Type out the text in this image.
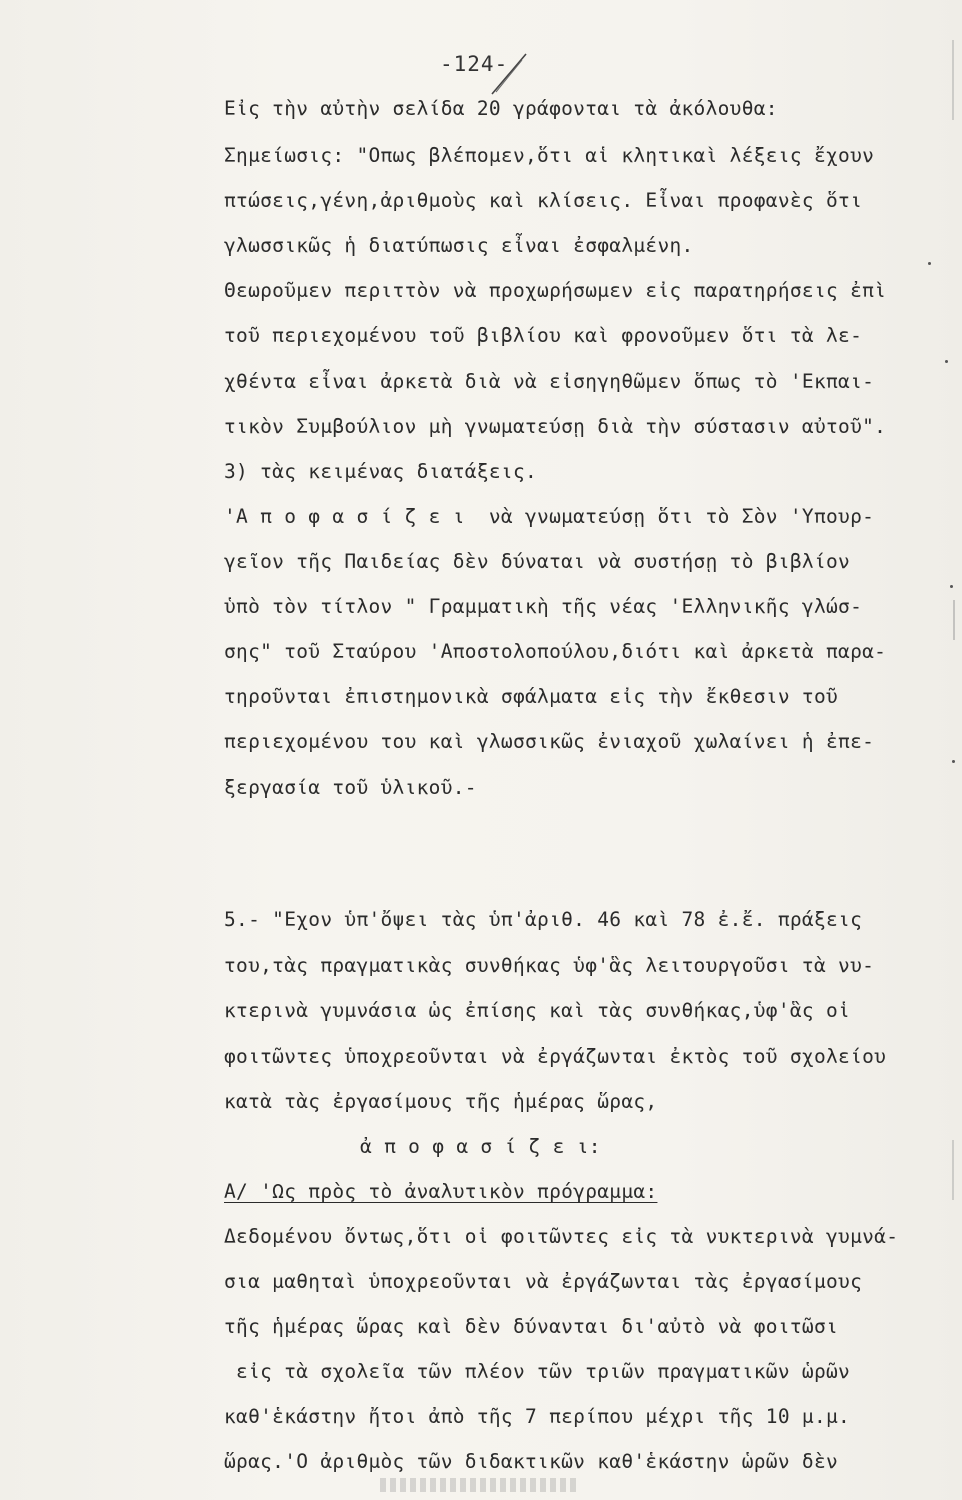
-124-
Εἰς τὴν αὐτὴν σελίδα 20 γράφονται τὰ ἀκόλουθα:
Σημείωσις: "Οπως βλέπομεν,ὅτι αἱ κλητικαὶ λέξεις ἔχουν
πτώσεις,γένη,ἀριθμοὺς καὶ κλίσεις. Εἶναι προφανὲς ὅτι
γλωσσικῶς ἡ διατύπωσις εἶναι ἐσφαλμένη.
Θεωροῦμεν περιττὸν νὰ προχωρήσωμεν εἰς παρατηρήσεις ἐπὶ
τοῦ περιεχομένου τοῦ βιβλίου καὶ φρονοῦμεν ὅτι τὰ λε-
χθέντα εἶναι ἀρκετὰ διὰ νὰ εἰσηγηθῶμεν ὅπως τὸ 'Εκπαι-
τικὸν Συμβούλιον μὴ γνωματεύσῃ διὰ τὴν σύστασιν αὐτοῦ".
3) τὰς κειμένας διατάξεις.
'Α π ο φ α σ ί ζ ε ι  νὰ γνωματεύσῃ ὅτι τὸ Σὸν 'Υπουρ-
γεῖον τῆς Παιδείας δὲν δύναται νὰ συστήσῃ τὸ βιβλίον
ὑπὸ τὸν τίτλον " Γραμματικὴ τῆς νέας 'Ελληνικῆς γλώσ-
σης" τοῦ Σταύρου 'Αποστολοπούλου,διότι καὶ ἀρκετὰ παρα-
τηροῦνται ἐπιστημονικὰ σφάλματα εἰς τὴν ἔκθεσιν τοῦ
περιεχομένου του καὶ γλωσσικῶς ἐνιαχοῦ χωλαίνει ἡ ἐπε-
ξεργασία τοῦ ὑλικοῦ.-
5.- "Εχον ὑπ'ὄψει τὰς ὑπ'ἀριθ. 46 καὶ 78 ἐ.ἔ. πράξεις
του,τὰς πραγματικὰς συνθήκας ὑφ'ἃς λειτουργοῦσι τὰ νυ-
κτερινὰ γυμνάσια ὡς ἐπίσης καὶ τὰς συνθήκας,ὑφ'ἃς οἱ
φοιτῶντες ὑποχρεοῦνται νὰ ἐργάζωνται ἐκτὸς τοῦ σχολείου
κατὰ τὰς ἐργασίμους τῆς ἡμέρας ὥρας,
ἀ π ο φ α σ ί ζ ε ι:
Α/ 'Ως πρὸς τὸ ἀναλυτικὸν πρόγραμμα:
Δεδομένου ὄντως,ὅτι οἱ φοιτῶντες εἰς τὰ νυκτερινὰ γυμνά-
σια μαθηταὶ ὑποχρεοῦνται νὰ ἐργάζωνται τὰς ἐργασίμους
τῆς ἡμέρας ὥρας καὶ δὲν δύνανται δι'αὐτὸ νὰ φοιτῶσι
εἰς τὰ σχολεῖα τῶν πλέον τῶν τριῶν πραγματικῶν ὡρῶν
καθ'ἑκάστην ἤτοι ἀπὸ τῆς 7 περίπου μέχρι τῆς 10 μ.μ.
ὥρας.'Ο ἀριθμὸς τῶν διδακτικῶν καθ'ἑκάστην ὡρῶν δὲν
